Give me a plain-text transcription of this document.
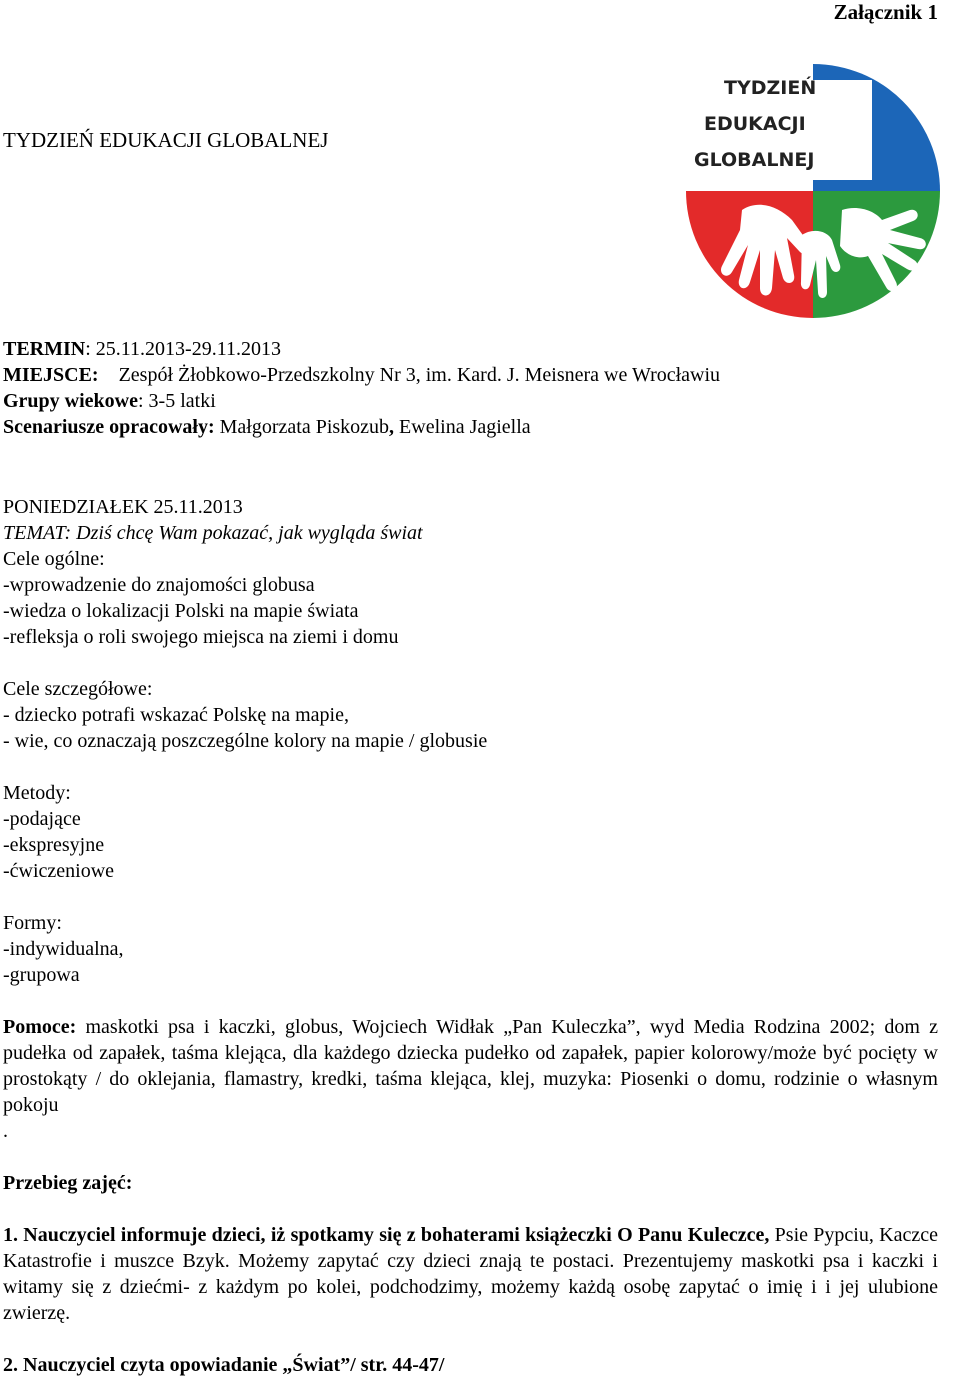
Załącznik 1
TYDZIEŃ EDUKACJI GLOBALNEJ
TYDZIEŃ
EDUKACJI
GLOBALNEJ
TERMIN: 25.11.2013-29.11.2013
MIEJSCE: Zespół Żłobkowo-Przedszkolny Nr 3, im. Kard. J. Meisnera we Wrocławiu
Grupy wiekowe: 3-5 latki
Scenariusze opracowały: Małgorzata Piskozub, Ewelina Jagiella
PONIEDZIAŁEK 25.11.2013
TEMAT: Dziś chcę Wam pokazać, jak wygląda świat
Cele ogólne:
-wprowadzenie do znajomości globusa
-wiedza o lokalizacji Polski na mapie świata
-refleksja o roli swojego miejsca na ziemi i domu
Cele szczegółowe:
- dziecko potrafi wskazać Polskę na mapie,
- wie, co oznaczają poszczególne kolory na mapie / globusie
Metody:
-podające
-ekspresyjne
-ćwiczeniowe
Formy:
-indywidualna,
-grupowa
Pomoce: maskotki psa i kaczki, globus, Wojciech Widłak „Pan Kuleczka”, wyd Media Rodzina 2002; dom z pudełka od zapałek, taśma klejąca, dla każdego dziecka pudełko od zapałek, papier kolorowy/może być pocięty w prostokąty / do oklejania, flamastry, kredki, taśma klejąca, klej, muzyka: Piosenki o domu, rodzinie o własnym pokoju
.
Przebieg zajęć:
1. Nauczyciel informuje dzieci, iż spotkamy się z bohaterami książeczki O Panu Kuleczce, Psie Pypciu, Kaczce Katastrofie i muszce Bzyk. Możemy zapytać czy dzieci znają te postaci. Prezentujemy maskotki psa i kaczki i witamy się z dziećmi- z każdym po kolei, podchodzimy, możemy każdą osobę zapytać o imię i i jej ulubione zwierzę.
2. Nauczyciel czyta opowiadanie „Świat”/ str. 44-47/
